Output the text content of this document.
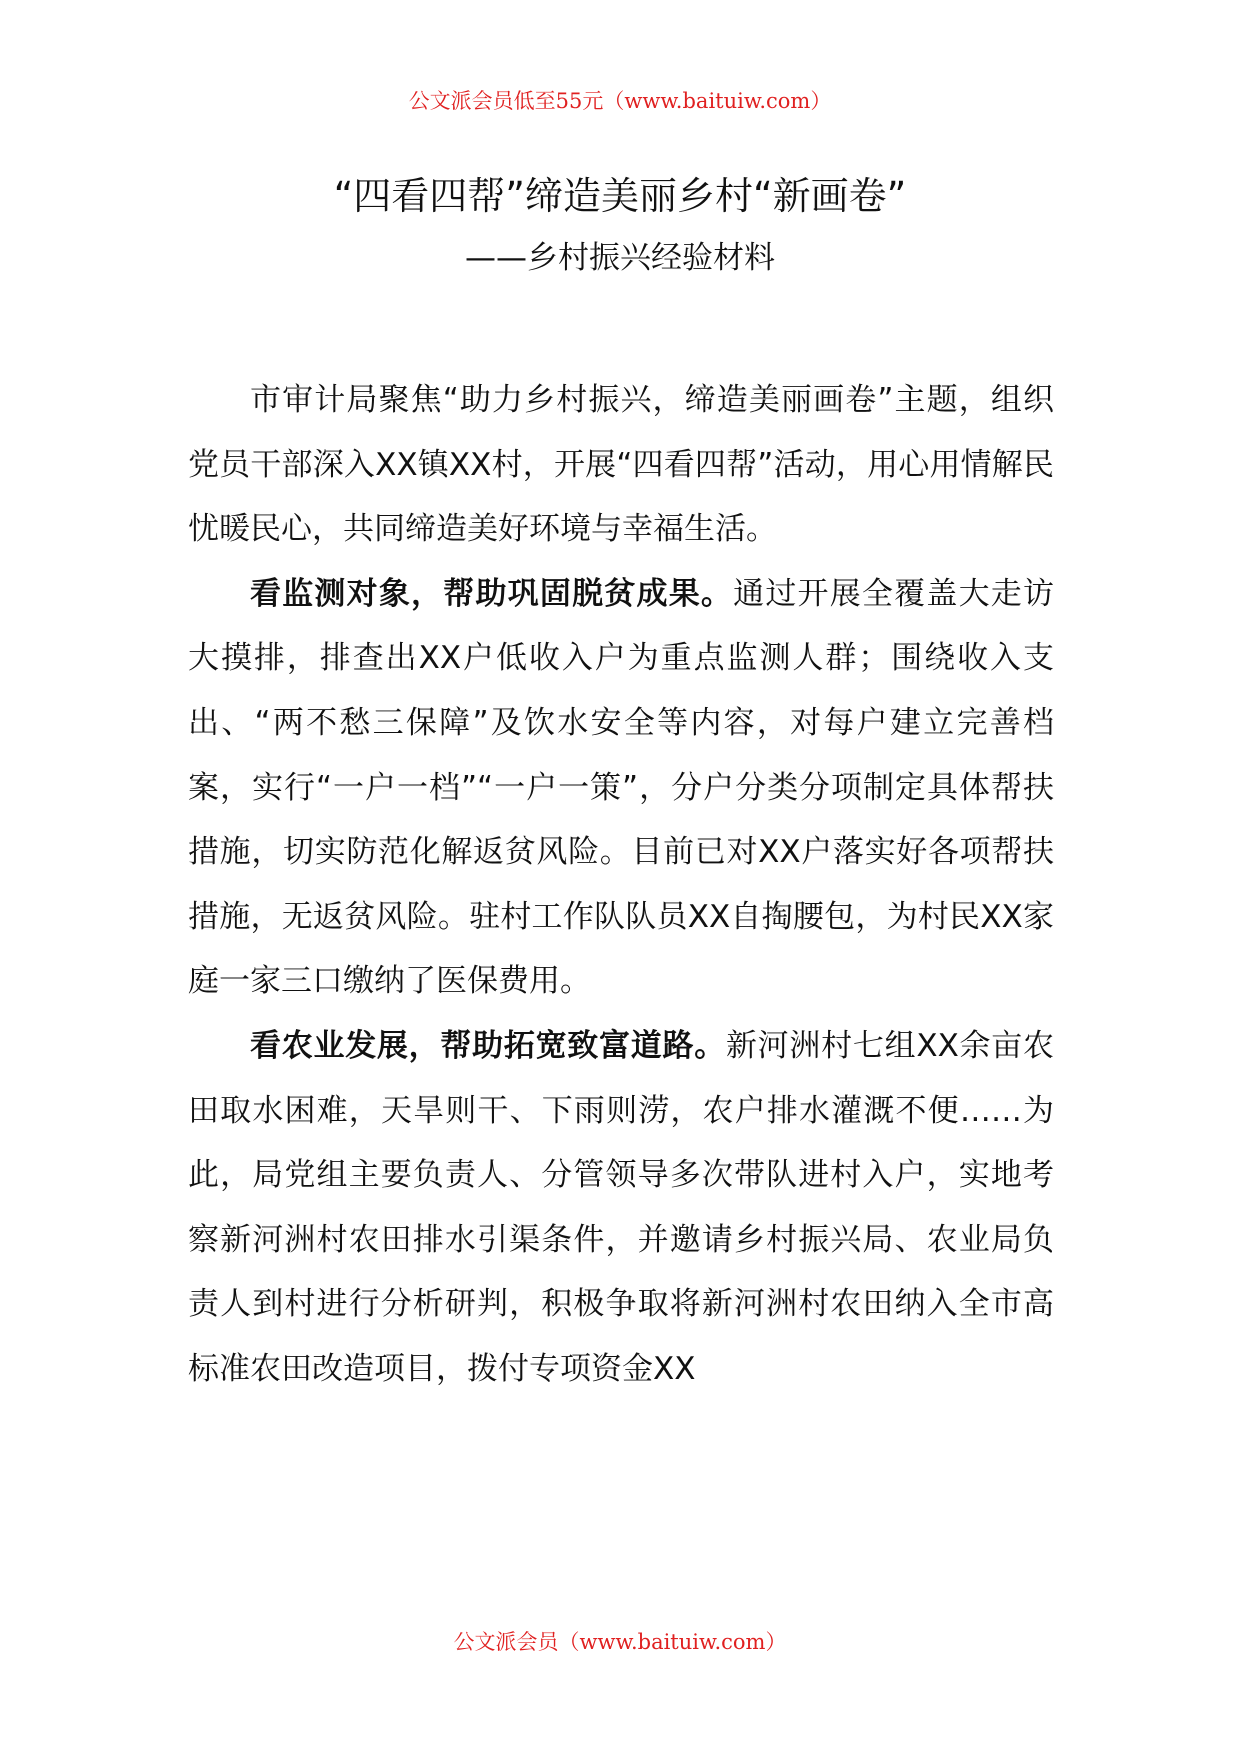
公文派会员低至55元（www.baituiw.com）
“四看四帮”缔造美丽乡村“新画卷”
——乡村振兴经验材料

市审计局聚焦“助力乡村振兴，缔造美丽画卷”主题，组织党员干部深入XX镇XX村，开展“四看四帮”活动，用心用情解民忧暖民心，共同缔造美好环境与幸福生活。

看监测对象，帮助巩固脱贫成果。通过开展全覆盖大走访大摸排，排查出XX户低收入户为重点监测人群；围绕收入支出、“两不愁三保障”及饮水安全等内容，对每户建立完善档案，实行“一户一档”“一户一策”，分户分类分项制定具体帮扶措施，切实防范化解返贫风险。目前已对XX户落实好各项帮扶措施，无返贫风险。驻村工作队队员XX自掏腰包，为村民XX家庭一家三口缴纳了医保费用。

看农业发展，帮助拓宽致富道路。新河洲村七组XX余亩农田取水困难，天旱则干、下雨则涝，农户排水灌溉不便……为此，局党组主要负责人、分管领导多次带队进村入户，实地考察新河洲村农田排水引渠条件，并邀请乡村振兴局、农业局负责人到村进行分析研判，积极争取将新河洲村农田纳入全市高标准农田改造项目，拨付专项资金XX

公文派会员（www.baituiw.com）
